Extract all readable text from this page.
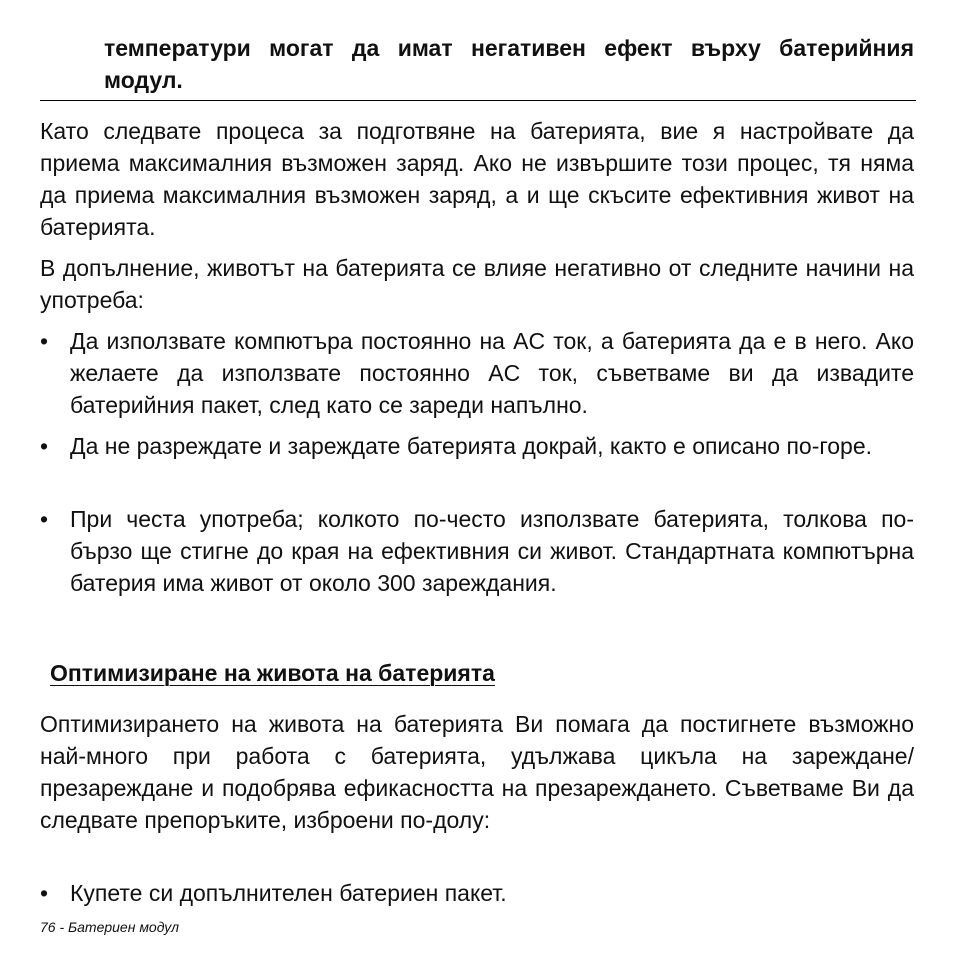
температури могат да имат негативен ефект върху батерийния модул.

Като следвате процеса за подготвяне на батерията, вие я настройвате да приема максималния възможен заряд. Ако не извършите този процес, тя няма да приема максималния възможен заряд, а и ще скъсите ефективния живот на батерията.

В допълнение, животът на батерията се влияе негативно от следните начини на употреба:

• Да използвате компютъра постоянно на AC ток, а батерията да е в него. Ако желаете да използвате постоянно AC ток, съветваме ви да извадите батерийния пакет, след като се зареди напълно.
• Да не разреждате и зареждате батерията докрай, както е описано по-горе.
• При честа употреба; колкото по-често използвате батерията, толкова по-бързо ще стигне до края на ефективния си живот. Стандартната компютърна батерия има живот от около 300 зареждания.
Оптимизиране на живота на батерията

Оптимизирането на живота на батерията Ви помага да постигнете възможно най-много при работа с батерията, удължава цикъла на зареждане/презареждане и подобрява ефикасността на презареждането. Съветваме Ви да следвате препоръките, изброени по-долу:

• Купете си допълнителен батериен пакет.
76 - Батериен модул
